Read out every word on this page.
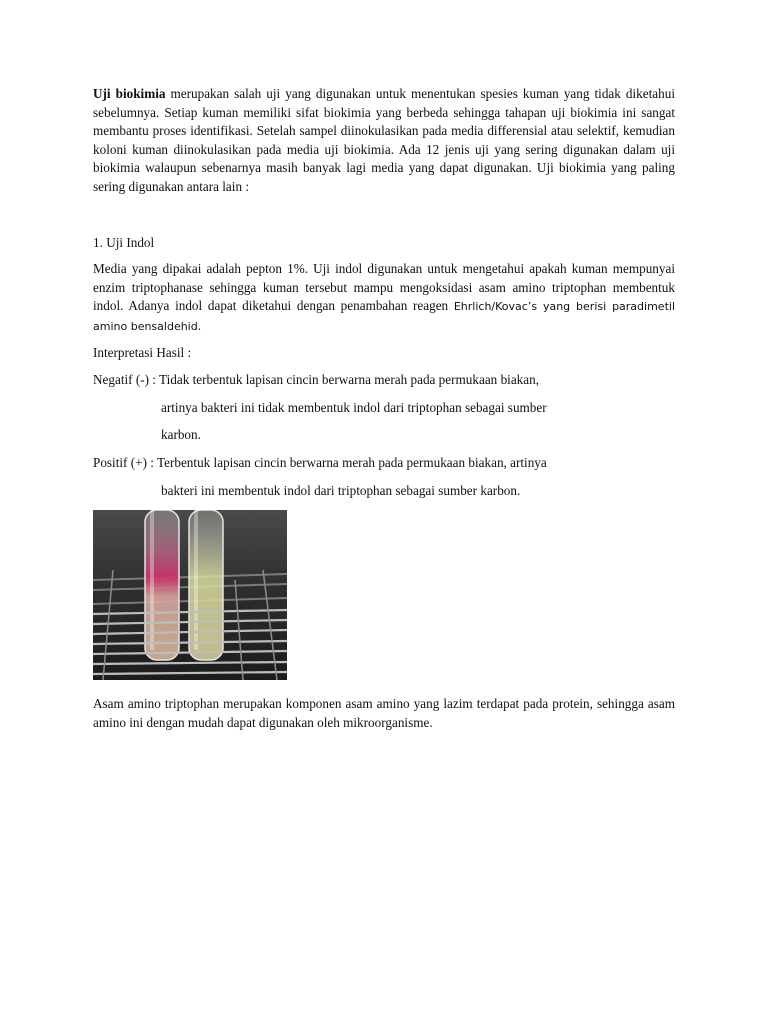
Uji biokimia merupakan salah uji yang digunakan untuk menentukan spesies kuman yang tidak diketahui sebelumnya. Setiap kuman memiliki sifat biokimia yang berbeda sehingga tahapan uji biokimia ini sangat membantu proses identifikasi. Setelah sampel diinokulasikan pada media differensial atau selektif, kemudian koloni kuman diinokulasikan pada media uji biokimia. Ada 12 jenis uji yang sering digunakan dalam uji biokimia walaupun sebenarnya masih banyak lagi media yang dapat digunakan. Uji biokimia yang paling sering digunakan antara lain :

1. Uji Indol

Media yang dipakai adalah pepton 1%. Uji indol digunakan untuk mengetahui apakah kuman mempunyai enzim triptophanase sehingga kuman tersebut mampu mengoksidasi asam amino triptophan membentuk indol. Adanya indol dapat diketahui dengan penambahan reagen Ehrlich/Kovac’s yang berisi paradimetil amino bensaldehid.

Interpretasi Hasil :

Negatif (-) : Tidak terbentuk lapisan cincin berwarna merah pada permukaan biakan,

artinya bakteri ini tidak membentuk indol dari triptophan sebagai sumber

karbon.

Positif (+) : Terbentuk lapisan cincin berwarna merah pada permukaan biakan, artinya

bakteri ini membentuk indol dari triptophan sebagai sumber karbon.

Asam amino triptophan merupakan komponen asam amino yang lazim terdapat pada protein, sehingga asam amino ini dengan mudah dapat digunakan oleh mikroorganisme.
